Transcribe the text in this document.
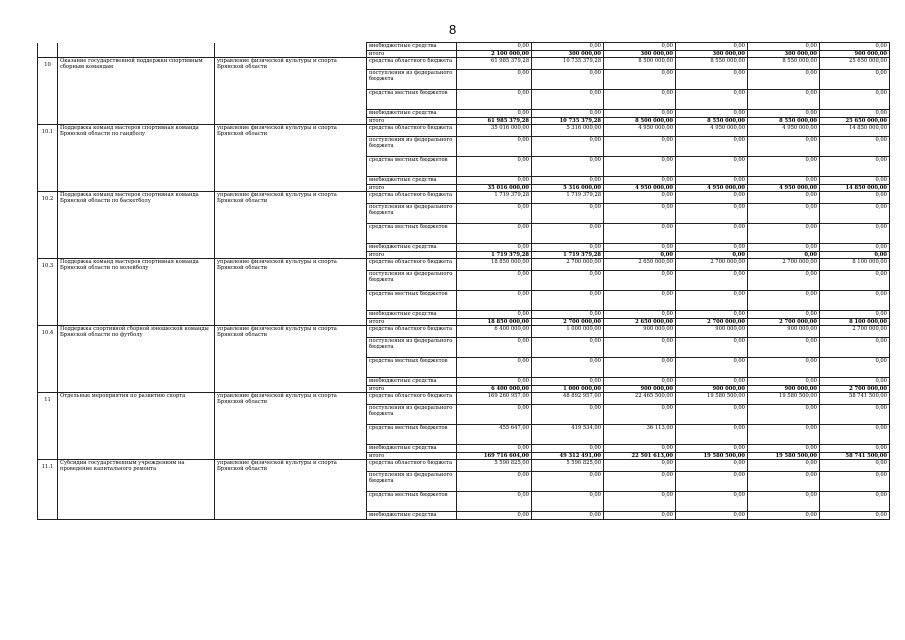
8
			внебюджетные средства	0,00	0,00	0,00	0,00	0,00	0,00
			итого	2 100 000,00	300 000,00	300 000,00	300 000,00	300 000,00	900 000,00
10	Оказание государственной поддержки спортивным сборным командам	управление физической культуры и спорта Брянской области	средства областного бюджета	61 985 379,28	10 735 379,28	8 500 000,00	8 550 000,00	8 550 000,00	25 650 000,00
			поступления из федерального бюджета	0,00	0,00	0,00	0,00	0,00	0,00
			средства местных бюджетов	0,00	0,00	0,00	0,00	0,00	0,00
			внебюджетные средства	0,00	0,00	0,00	0,00	0,00	0,00
			итого	61 985 379,28	10 735 379,28	8 500 000,00	8 550 000,00	8 550 000,00	25 650 000,00
10.1	Поддержка команд мастеров спортивная команда Брянской области по гандболу	управление физической культуры и спорта Брянской области	средства областного бюджета	35 016 000,00	5 316 000,00	4 950 000,00	4 950 000,00	4 950 000,00	14 850 000,00
			поступления из федерального бюджета	0,00	0,00	0,00	0,00	0,00	0,00
			средства местных бюджетов	0,00	0,00	0,00	0,00	0,00	0,00
			внебюджетные средства	0,00	0,00	0,00	0,00	0,00	0,00
			итого	35 016 000,00	5 316 000,00	4 950 000,00	4 950 000,00	4 950 000,00	14 850 000,00
10.2	Поддержка команд мастеров спортивная команда Брянской области по баскетболу	управление физической культуры и спорта Брянской области	средства областного бюджета	1 719 379,28	1 719 379,28	0,00	0,00	0,00	0,00
			поступления из федерального бюджета	0,00	0,00	0,00	0,00	0,00	0,00
			средства местных бюджетов	0,00	0,00	0,00	0,00	0,00	0,00
			внебюджетные средства	0,00	0,00	0,00	0,00	0,00	0,00
			итого	1 719 379,28	1 719 379,28	0,00	0,00	0,00	0,00
10.3	Поддержка команд мастеров спортивная команда Брянской области по волейболу	управление физической культуры и спорта Брянской области	средства областного бюджета	18 850 000,00	2 700 000,00	2 650 000,00	2 700 000,00	2 700 000,00	8 100 000,00
			поступления из федерального бюджета	0,00	0,00	0,00	0,00	0,00	0,00
			средства местных бюджетов	0,00	0,00	0,00	0,00	0,00	0,00
			внебюджетные средства	0,00	0,00	0,00	0,00	0,00	0,00
			итого	18 850 000,00	2 700 000,00	2 650 000,00	2 700 000,00	2 700 000,00	8 100 000,00
10.4	Поддержка спортивной сборной юношеской команды Брянской области по футболу	управление физической культуры и спорта Брянской области	средства областного бюджета	6 400 000,00	1 000 000,00	900 000,00	900 000,00	900 000,00	2 700 000,00
			поступления из федерального бюджета	0,00	0,00	0,00	0,00	0,00	0,00
			средства местных бюджетов	0,00	0,00	0,00	0,00	0,00	0,00
			внебюджетные средства	0,00	0,00	0,00	0,00	0,00	0,00
			итого	6 400 000,00	1 000 000,00	900 000,00	900 000,00	900 000,00	2 700 000,00
11	Отдельные мероприятия по развитию спорта	управление физической культуры и спорта Брянской области	средства областного бюджета	169 260 957,00	48 892 957,00	22 465 500,00	19 580 500,00	19 580 500,00	58 741 500,00
			поступления из федерального бюджета	0,00	0,00	0,00	0,00	0,00	0,00
			средства местных бюджетов	455 647,00	419 534,00	36 113,00	0,00	0,00	0,00
			внебюджетные средства	0,00	0,00	0,00	0,00	0,00	0,00
			итого	169 716 604,00	49 312 491,00	22 501 613,00	19 580 500,00	19 580 500,00	58 741 500,00
11.1	Субсидии государственным учреждениям на проведение капитального ремонта	управление физической культуры и спорта Брянской области	средства областного бюджета	5 590 825,00	5 590 825,00	0,00	0,00	0,00	0,00
			поступления из федерального бюджета	0,00	0,00	0,00	0,00	0,00	0,00
			средства местных бюджетов	0,00	0,00	0,00	0,00	0,00	0,00
			внебюджетные средства	0,00	0,00	0,00	0,00	0,00	0,00
